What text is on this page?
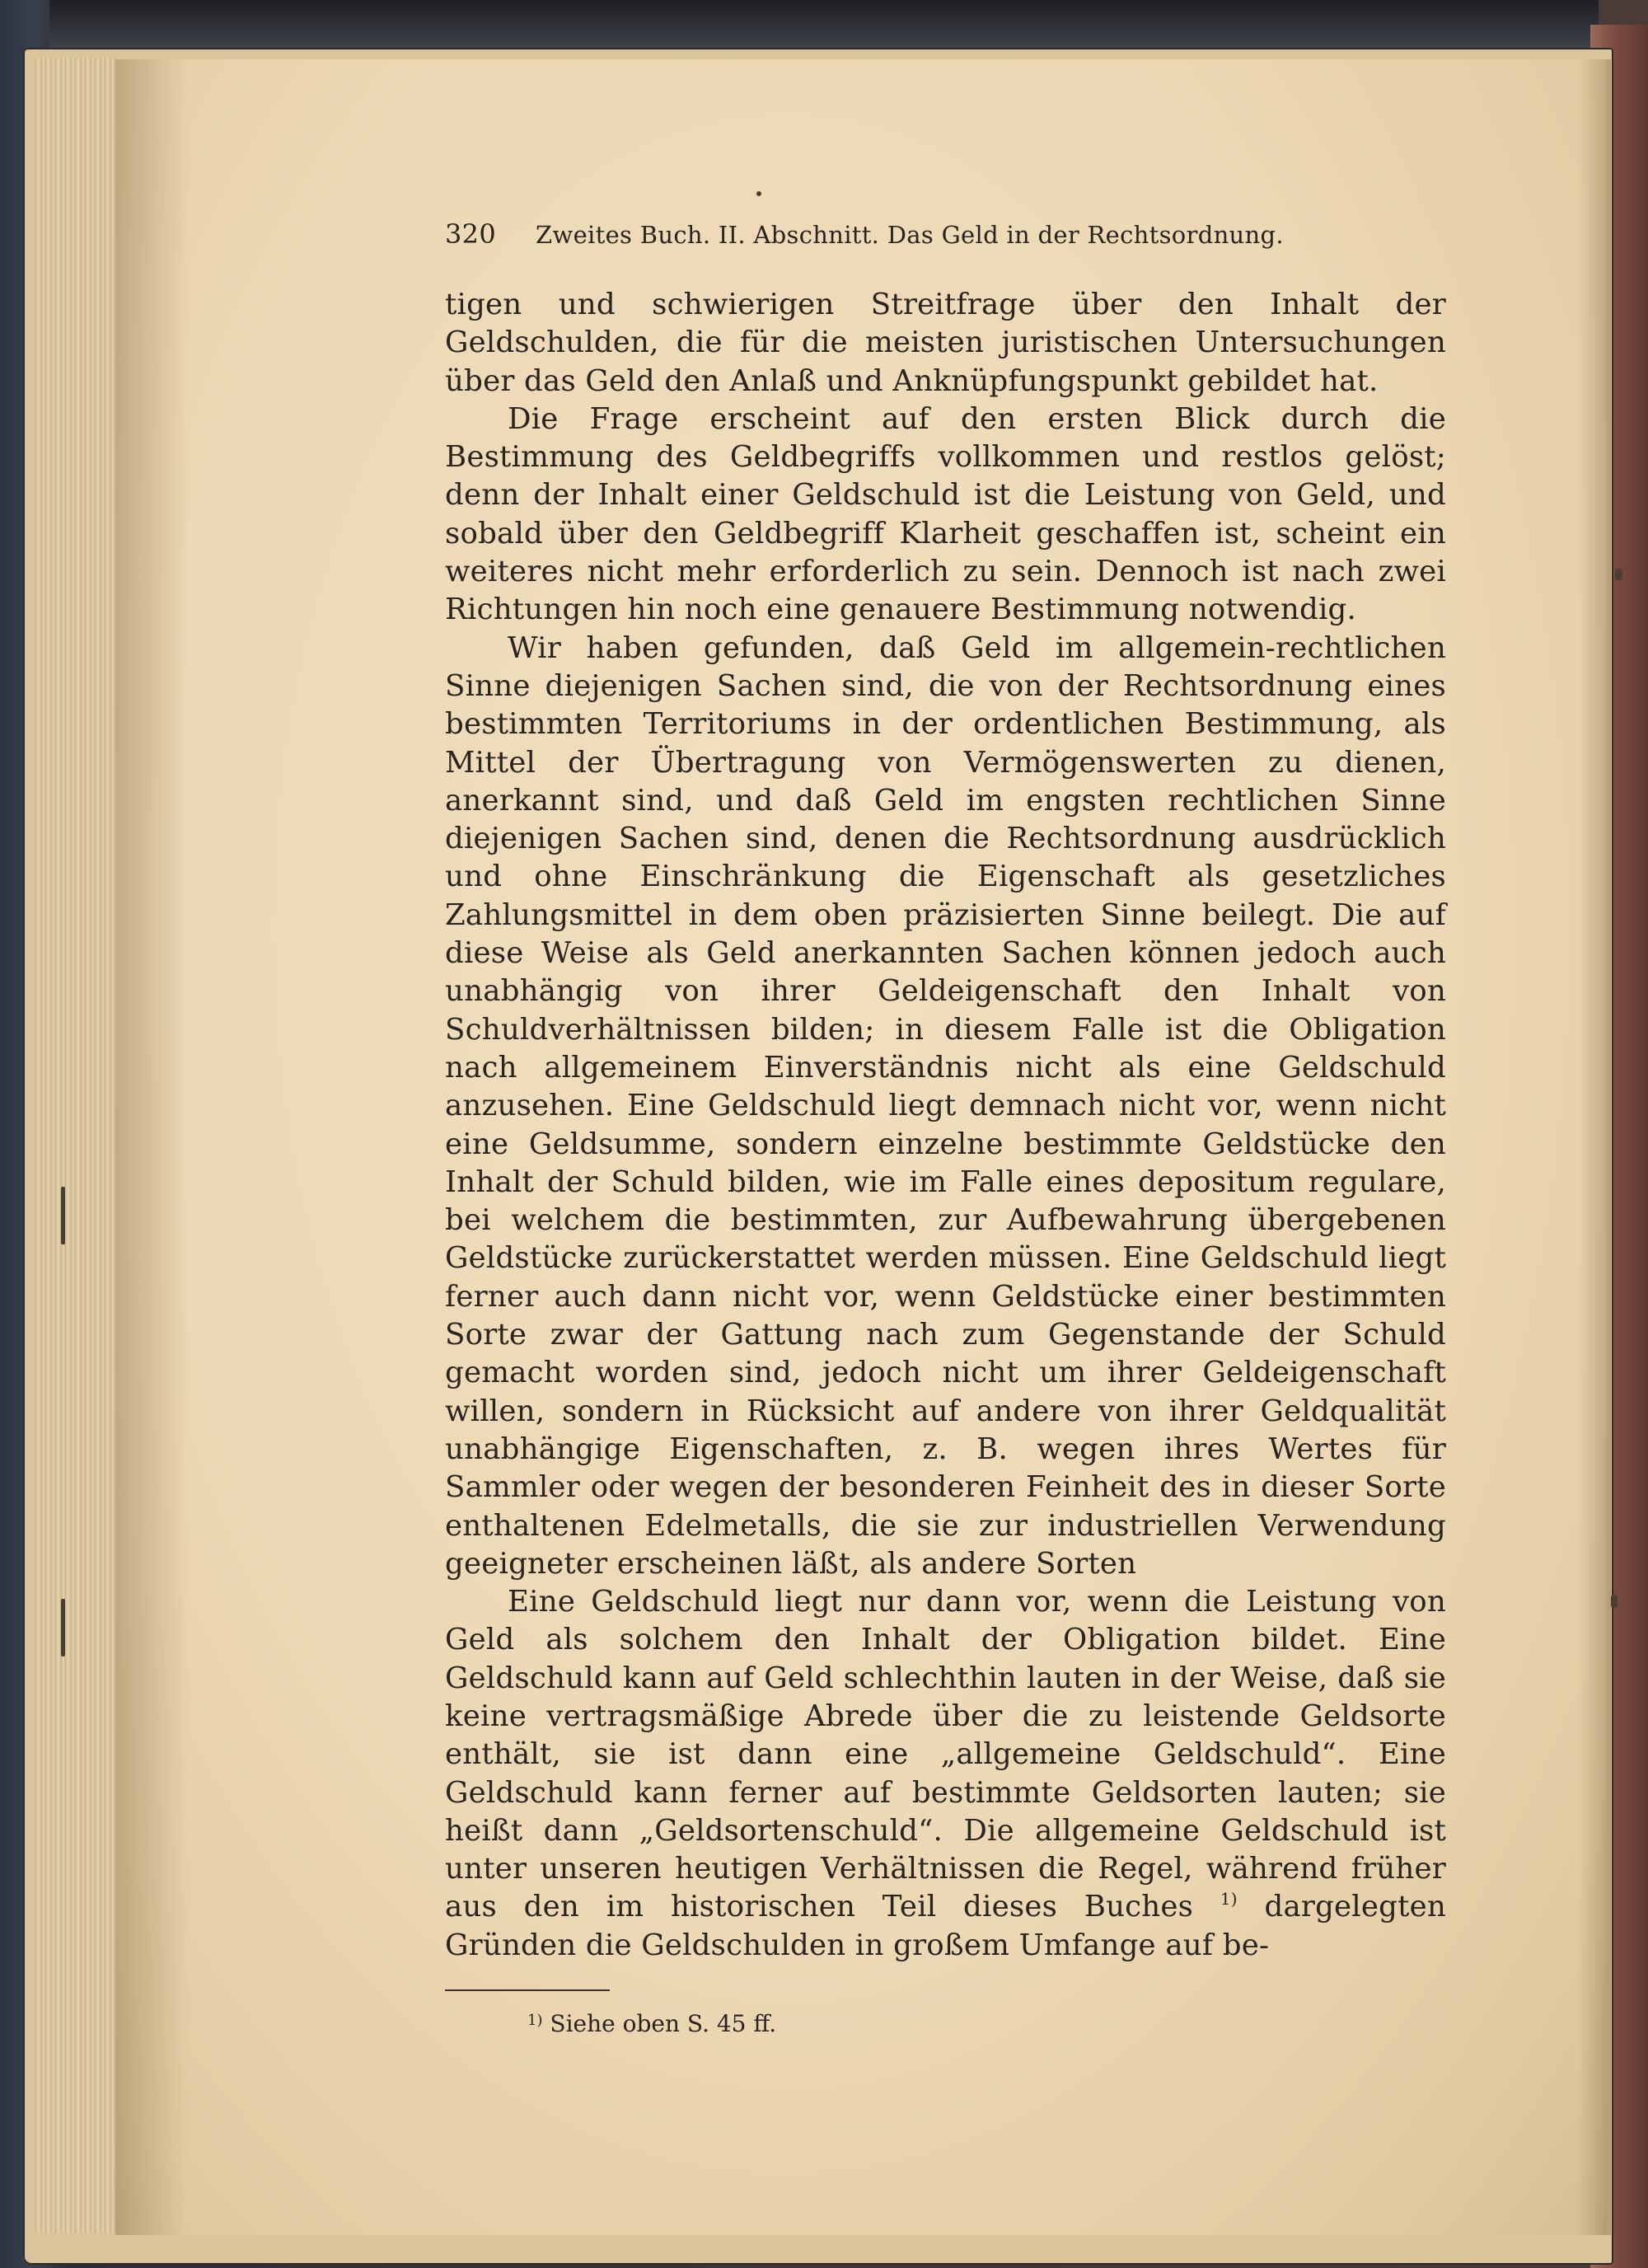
320	Zweites Buch. II. Abschnitt. Das Geld in der Rechtsordnung.

tigen und schwierigen Streitfrage über den Inhalt der Geldschulden, die für die meisten juristischen Untersuchungen über das Geld den Anlaß und Anknüpfungspunkt gebildet hat.

Die Frage erscheint auf den ersten Blick durch die Bestimmung des Geldbegriffs vollkommen und restlos gelöst; denn der Inhalt einer Geldschuld ist die Leistung von Geld, und sobald über den Geldbegriff Klarheit geschaffen ist, scheint ein weiteres nicht mehr erforderlich zu sein. Dennoch ist nach zwei Richtungen hin noch eine genauere Bestimmung notwendig.

Wir haben gefunden, daß Geld im allgemein-rechtlichen Sinne diejenigen Sachen sind, die von der Rechtsordnung eines bestimmten Territoriums in der ordentlichen Bestimmung, als Mittel der Übertragung von Vermögenswerten zu dienen, anerkannt sind, und daß Geld im engsten rechtlichen Sinne diejenigen Sachen sind, denen die Rechtsordnung ausdrücklich und ohne Einschränkung die Eigenschaft als gesetzliches Zahlungsmittel in dem oben präzisierten Sinne beilegt. Die auf diese Weise als Geld anerkannten Sachen können jedoch auch unabhängig von ihrer Geldeigenschaft den Inhalt von Schuldverhältnissen bilden; in diesem Falle ist die Obligation nach allgemeinem Einverständnis nicht als eine Geldschuld anzusehen. Eine Geldschuld liegt demnach nicht vor, wenn nicht eine Geldsumme, sondern einzelne bestimmte Geldstücke den Inhalt der Schuld bilden, wie im Falle eines depositum regulare, bei welchem die bestimmten, zur Aufbewahrung übergebenen Geldstücke zurückerstattet werden müssen. Eine Geldschuld liegt ferner auch dann nicht vor, wenn Geldstücke einer bestimmten Sorte zwar der Gattung nach zum Gegenstande der Schuld gemacht worden sind, jedoch nicht um ihrer Geldeigenschaft willen, sondern in Rücksicht auf andere von ihrer Geldqualität unabhängige Eigenschaften, z. B. wegen ihres Wertes für Sammler oder wegen der besonderen Feinheit des in dieser Sorte enthaltenen Edelmetalls, die sie zur industriellen Verwendung geeigneter erscheinen läßt, als andere Sorten

Eine Geldschuld liegt nur dann vor, wenn die Leistung von Geld als solchem den Inhalt der Obligation bildet. Eine Geldschuld kann auf Geld schlechthin lauten in der Weise, daß sie keine vertragsmäßige Abrede über die zu leistende Geldsorte enthält, sie ist dann eine „allgemeine Geldschuld“. Eine Geldschuld kann ferner auf bestimmte Geldsorten lauten; sie heißt dann „Geldsortenschuld“. Die allgemeine Geldschuld ist unter unseren heutigen Verhältnissen die Regel, während früher aus den im historischen Teil dieses Buches $^{1)}$ dargelegten Gründen die Geldschulden in großem Umfange auf be-

$^{1)}$ Siehe oben S. 45 ff.
